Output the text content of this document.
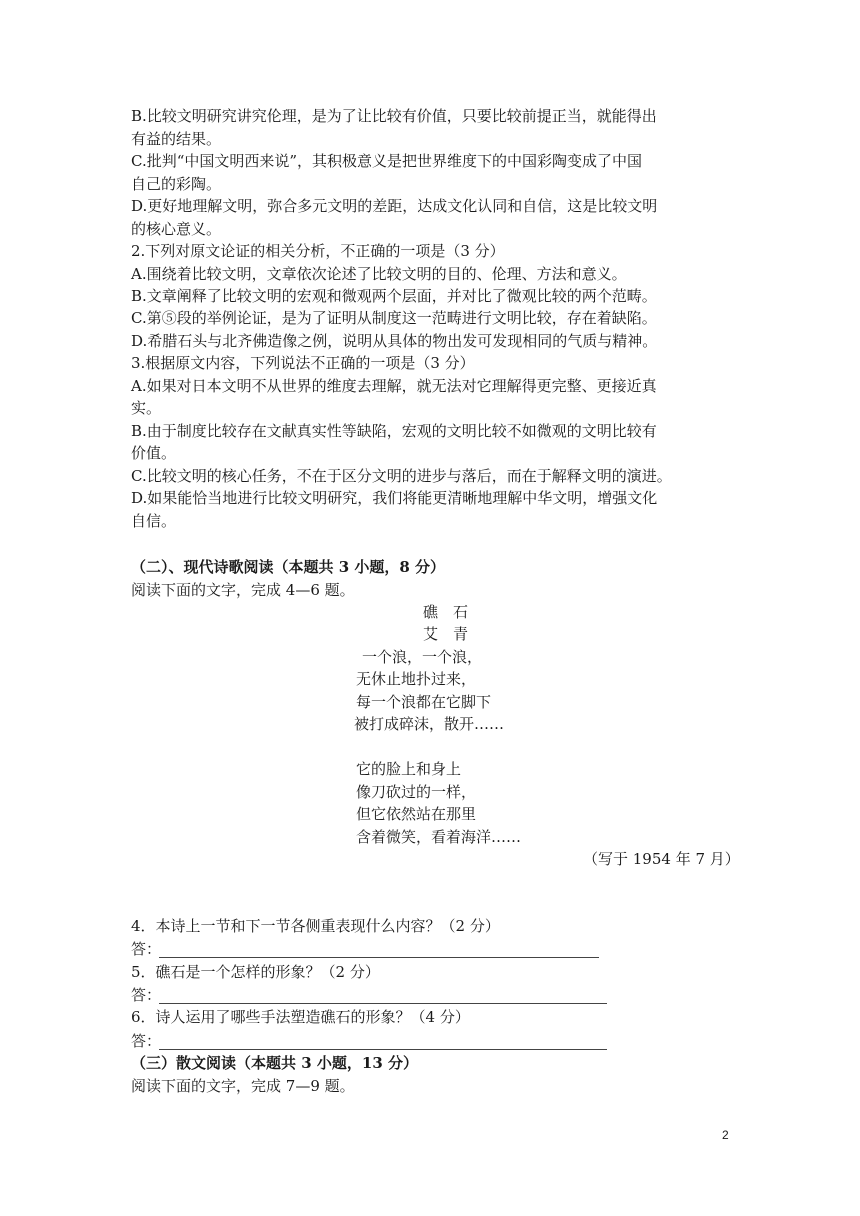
B.比较文明研究讲究伦理，是为了让比较有价值，只要比较前提正当，就能得出
有益的结果。
C.批判“中国文明西来说”，其积极意义是把世界维度下的中国彩陶变成了中国
自己的彩陶。
D.更好地理解文明，弥合多元文明的差距，达成文化认同和自信，这是比较文明
的核心意义。
2.下列对原文论证的相关分析，不正确的一项是（3 分）
A.围绕着比较文明，文章依次论述了比较文明的目的、伦理、方法和意义。
B.文章阐释了比较文明的宏观和微观两个层面，并对比了微观比较的两个范畴。
C.第⑤段的举例论证，是为了证明从制度这一范畴进行文明比较，存在着缺陷。
D.希腊石头与北齐佛造像之例，说明从具体的物出发可发现相同的气质与精神。
3.根据原文内容，下列说法不正确的一项是（3 分）
A.如果对日本文明不从世界的维度去理解，就无法对它理解得更完整、更接近真
实。
B.由于制度比较存在文献真实性等缺陷，宏观的文明比较不如微观的文明比较有
价值。
C.比较文明的核心任务，不在于区分文明的进步与落后，而在于解释文明的演进。
D.如果能恰当地进行比较文明研究，我们将能更清晰地理解中华文明，增强文化
自信。
（二）、现代诗歌阅读（本题共 3 小题，8 分）
阅读下面的文字，完成 4—6 题。
礁　石
艾　青
一个浪，一个浪，
无休止地扑过来，
每一个浪都在它脚下
被打成碎沫，散开……
它的脸上和身上
像刀砍过的一样，
但它依然站在那里
含着微笑，看着海洋……
（写于 1954 年 7 月）
4．本诗上一节和下一节各侧重表现什么内容？（2 分）
答：
5．礁石是一个怎样的形象？（2 分）
答：
6．诗人运用了哪些手法塑造礁石的形象？（4 分）
答：
（三）散文阅读（本题共 3 小题，13 分）
阅读下面的文字，完成 7—9 题。
2
